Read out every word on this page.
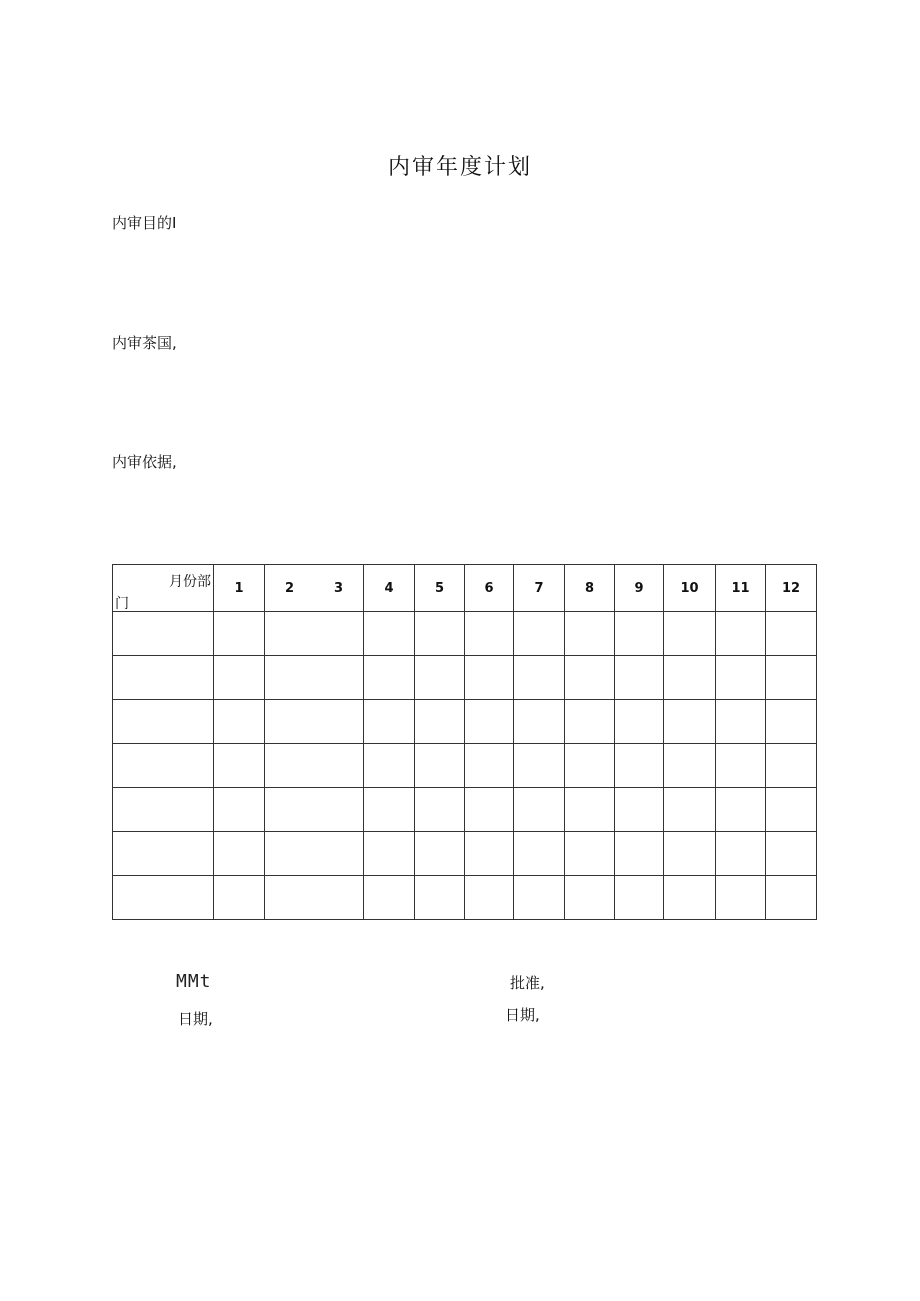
内审年度计划
内审目的I
内审茶国,
内审依据,
月份部
门	1	2 3	4	5	6	7	8	9	10	11	12

MMt
日期,
批准,
日期,
